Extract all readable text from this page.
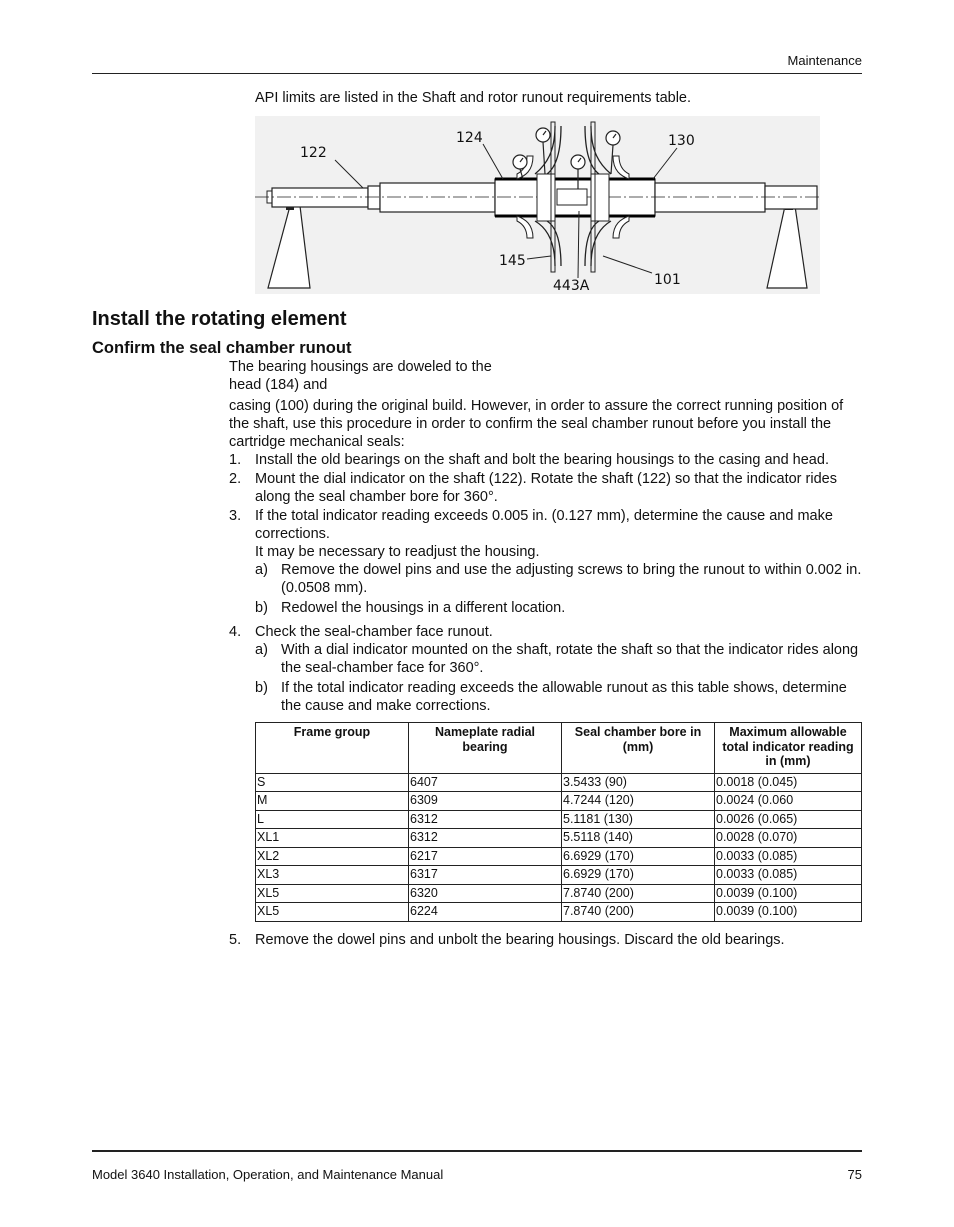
Maintenance
API limits are listed in the Shaft and rotor runout requirements table.
122
124	130
145
443A	101
Install the rotating element
Confirm the seal chamber runout
The bearing housings are doweled to the head (184) and
casing (100) during the original build. However, in order to assure the correct running position of the shaft, use this procedure in order to confirm the seal chamber runout before you install the cartridge mechanical seals:
1. Install the old bearings on the shaft and bolt the bearing housings to the casing and head.
2. Mount the dial indicator on the shaft (122). Rotate the shaft (122) so that the indicator rides along the seal chamber bore for 360°.
3. If the total indicator reading exceeds 0.005 in. (0.127 mm), determine the cause and make corrections.
It may be necessary to readjust the housing.
a) Remove the dowel pins and use the adjusting screws to bring the runout to within 0.002 in. (0.0508 mm).
b) Redowel the housings in a different location.
4. Check the seal-chamber face runout.
a) With a dial indicator mounted on the shaft, rotate the shaft so that the indicator rides along the seal-chamber face for 360°.
b) If the total indicator reading exceeds the allowable runout as this table shows, determine the cause and make corrections.
Frame group	Nameplate radial bearing	Seal chamber bore in (mm)	Maximum allowable total indicator reading in (mm)
S	6407	3.5433 (90)	0.0018 (0.045)
M	6309	4.7244 (120)	0.0024 (0.060
L	6312	5.1181 (130)	0.0026 (0.065)
XL1	6312	5.5118 (140)	0.0028 (0.070)
XL2	6217	6.6929 (170)	0.0033 (0.085)
XL3	6317	6.6929 (170)	0.0033 (0.085)
XL5	6320	7.8740 (200)	0.0039 (0.100)
XL5	6224	7.8740 (200)	0.0039 (0.100)
5. Remove the dowel pins and unbolt the bearing housings. Discard the old bearings.
Model 3640 Installation, Operation, and Maintenance Manual	75
